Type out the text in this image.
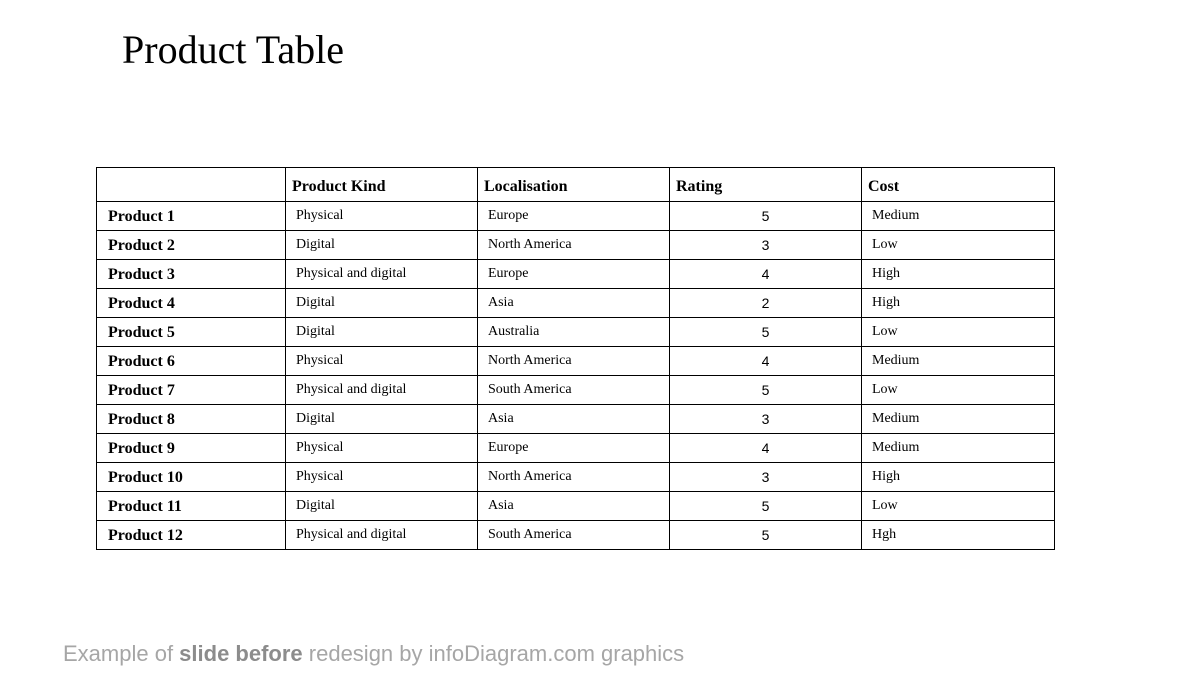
Product Table
	Product Kind	Localisation	Rating	Cost
Product 1	Physical	Europe	5	Medium
Product 2	Digital	North America	3	Low
Product 3	Physical and digital	Europe	4	High
Product 4	Digital	Asia	2	High
Product 5	Digital	Australia	5	Low
Product 6	Physical	North America	4	Medium
Product 7	Physical and digital	South America	5	Low
Product 8	Digital	Asia	3	Medium
Product 9	Physical	Europe	4	Medium
Product 10	Physical	North America	3	High
Product 11	Digital	Asia	5	Low
Product 12	Physical and digital	South America	5	Hgh
Example of slide before redesign by infoDiagram.com graphics
